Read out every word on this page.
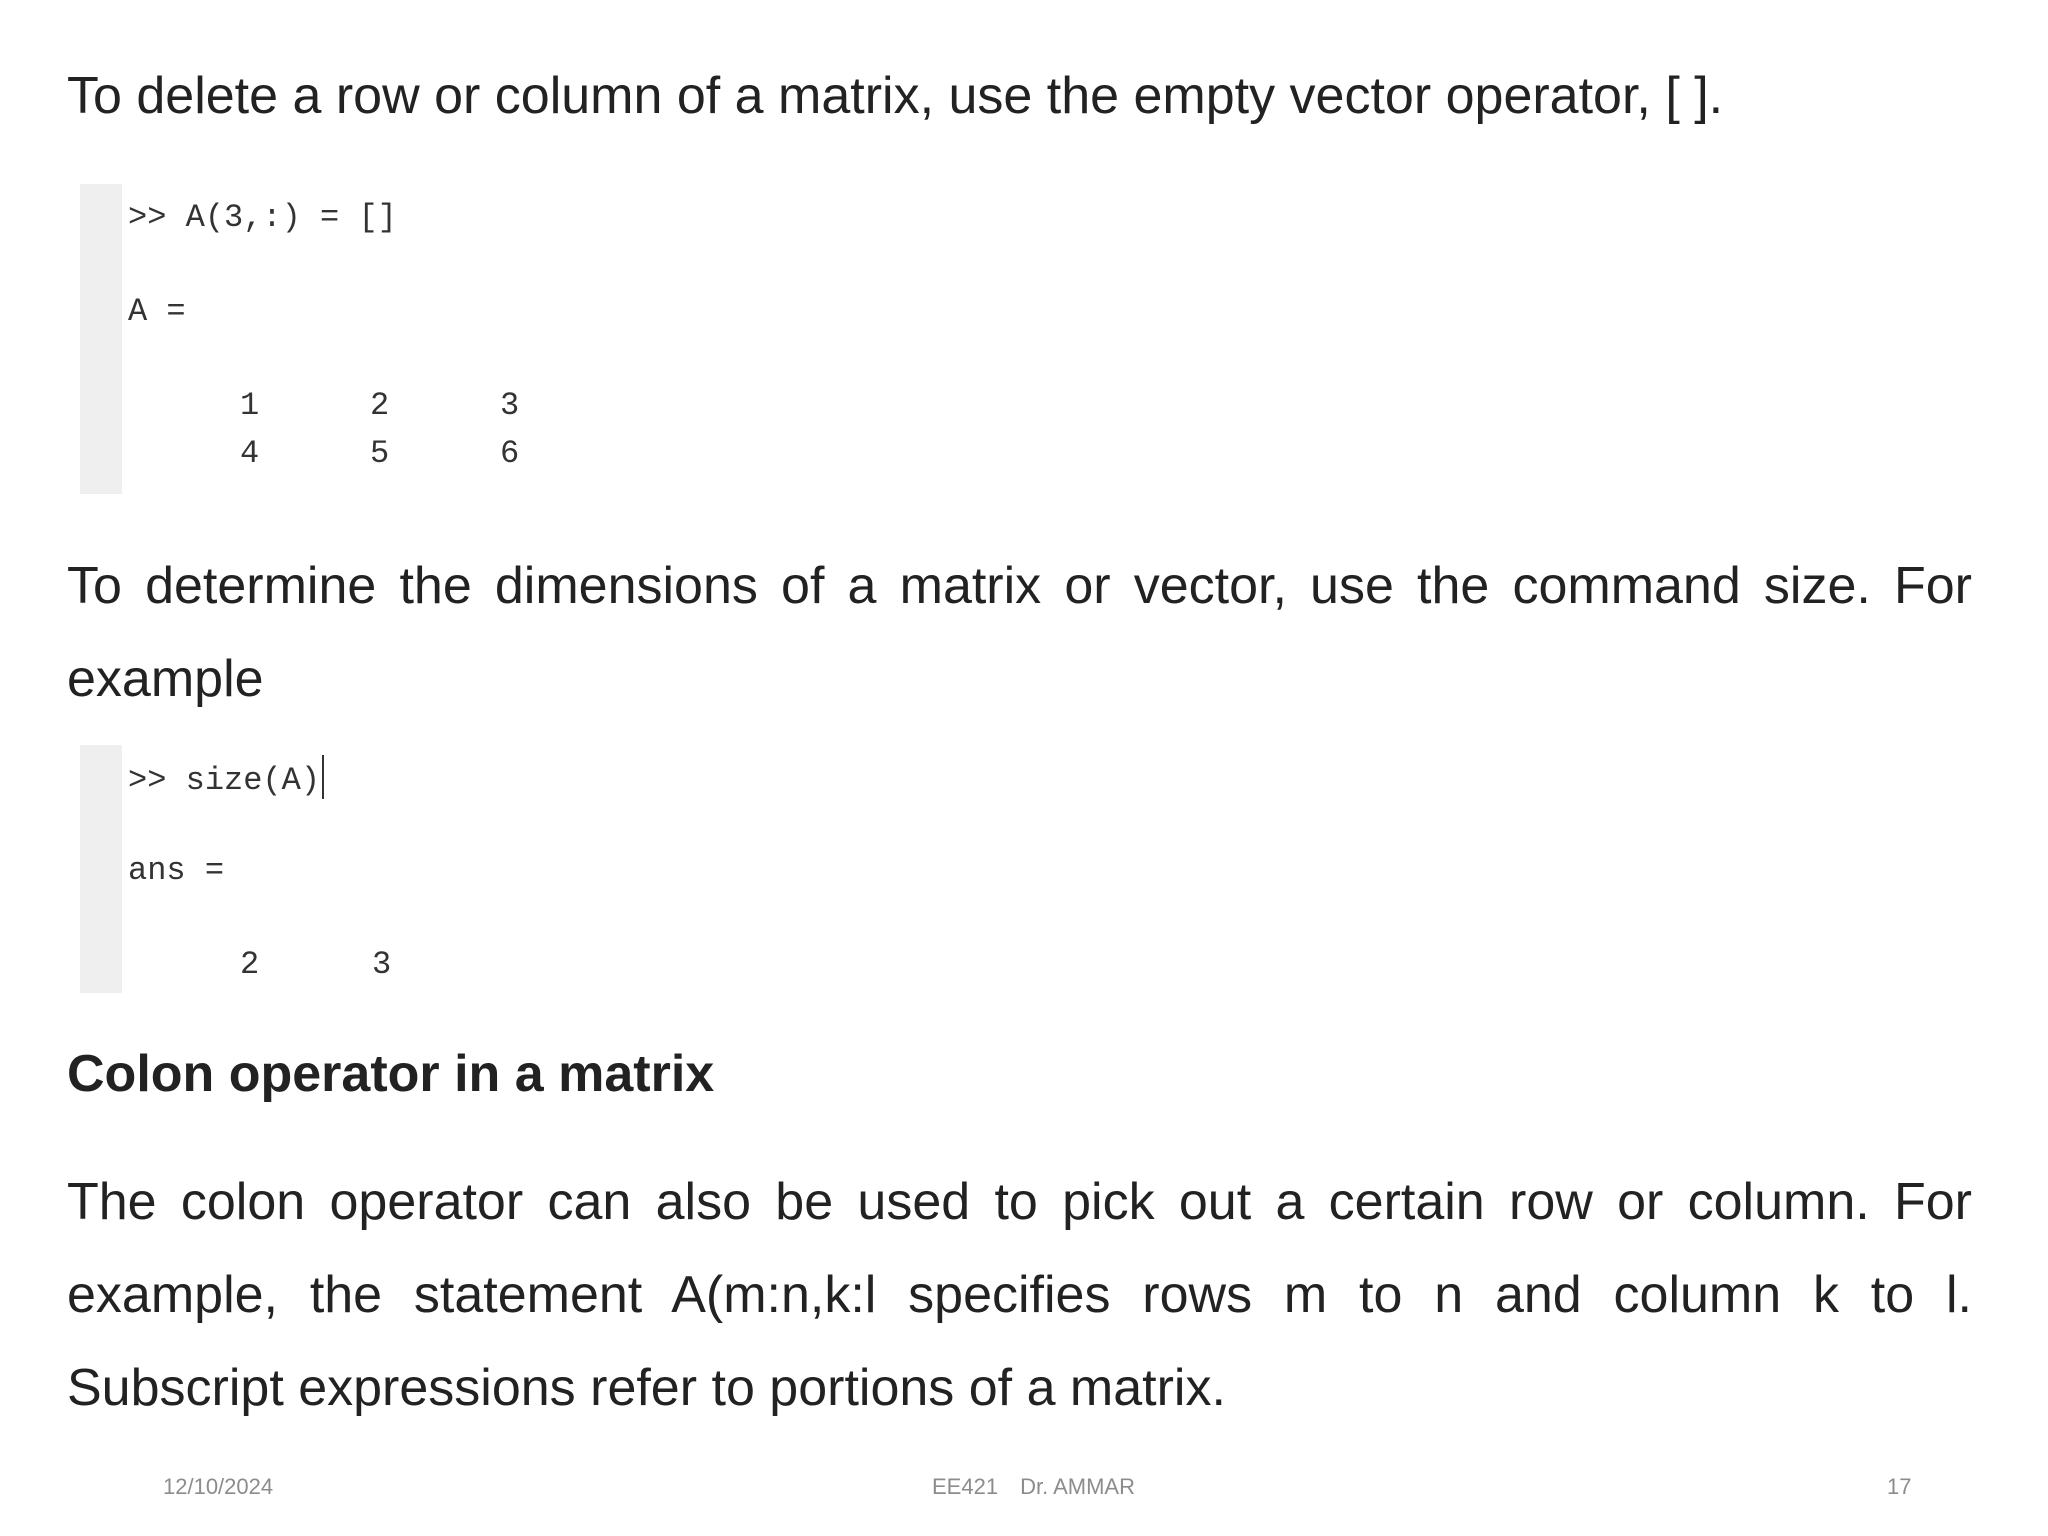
To delete a row or column of a matrix, use the empty vector operator, [ ].

>> A(3,:) = []
A =
1	2	3
4	5	6

To determine the dimensions of a matrix or vector, use the command size. For example

>> size(A)
ans =
2	3
Colon operator in a matrix

The colon operator can also be used to pick out a certain row or column. For example, the statement A(m:n,k:l specifies rows m to n and column k to l. Subscript expressions refer to portions of a matrix.

12/10/2024	EE421 Dr. AMMAR	17
